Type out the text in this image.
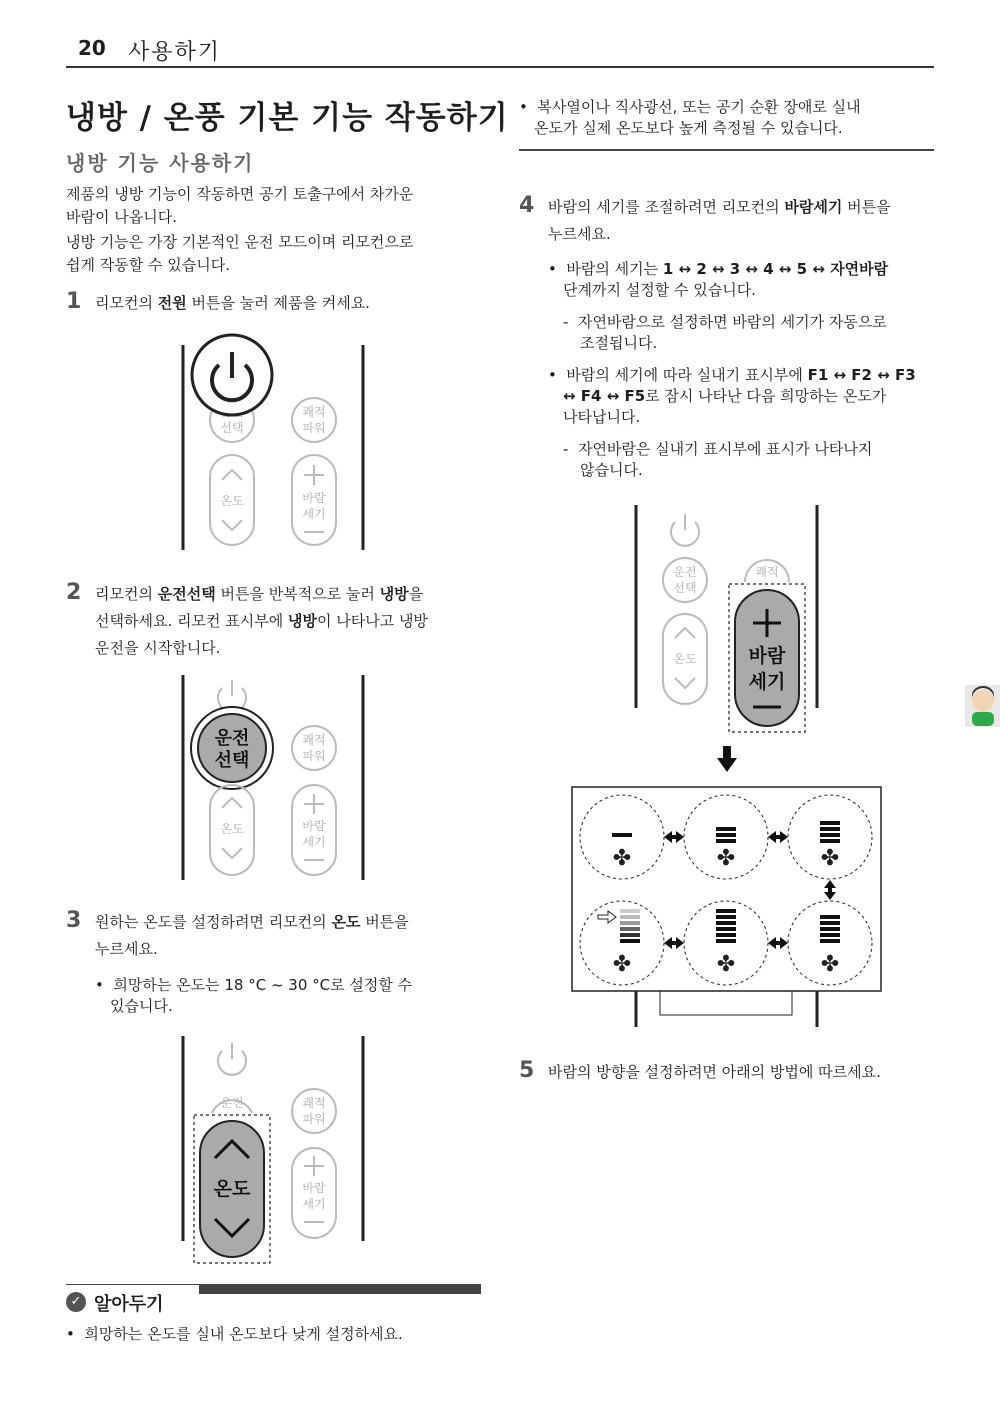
20 사용하기
냉방 / 온풍 기본 기능 작동하기
냉방 기능 사용하기
제품의 냉방 기능이 작동하면 공기 토출구에서 차가운
바람이 나옵니다.
냉방 기능은 가장 기본적인 운전 모드이며 리모컨으로
쉽게 작동할 수 있습니다.
1 리모컨의 전원 버튼을 눌러 제품을 켜세요.
선택
쾌적
파워
온도	바람
세기
2 리모컨의 운전선택 버튼을 반복적으로 눌러 냉방을
선택하세요. 리모컨 표시부에 냉방이 나타나고 냉방
운전을 시작합니다.
운전
선택
쾌적
파워
온도	바람
세기
3 원하는 온도를 설정하려면 리모컨의 온도 버튼을
누르세요.
•  희망하는 온도는 18 °C ~ 30 °C로 설정할 수
있습니다.
운전	쾌적
파워
온도	바람
세기
✓ 알아두기
•  희망하는 온도를 실내 온도보다 낮게 설정하세요.
•  복사열이나 직사광선, 또는 공기 순환 장애로 실내
온도가 실제 온도보다 높게 측정될 수 있습니다.
4 바람의 세기를 조절하려면 리모컨의 바람세기 버튼을
누르세요.
•  바람의 세기는 1 ↔ 2 ↔ 3 ↔ 4 ↔ 5 ↔ 자연바람
단계까지 설정할 수 있습니다.
-  자연바람으로 설정하면 바람의 세기가 자동으로
조절됩니다.
•  바람의 세기에 따라 실내기 표시부에 F1 ↔ F2 ↔ F3
↔ F4 ↔ F5로 잠시 나타난 다음 희망하는 온도가
나타납니다.
-  자연바람은 실내기 표시부에 표시가 나타나지
않습니다.
운전
선택
쾌적
온도	바람
세기
✤	✤	✤
✤	✤	✤
5 바람의 방향을 설정하려면 아래의 방법에 따르세요.
